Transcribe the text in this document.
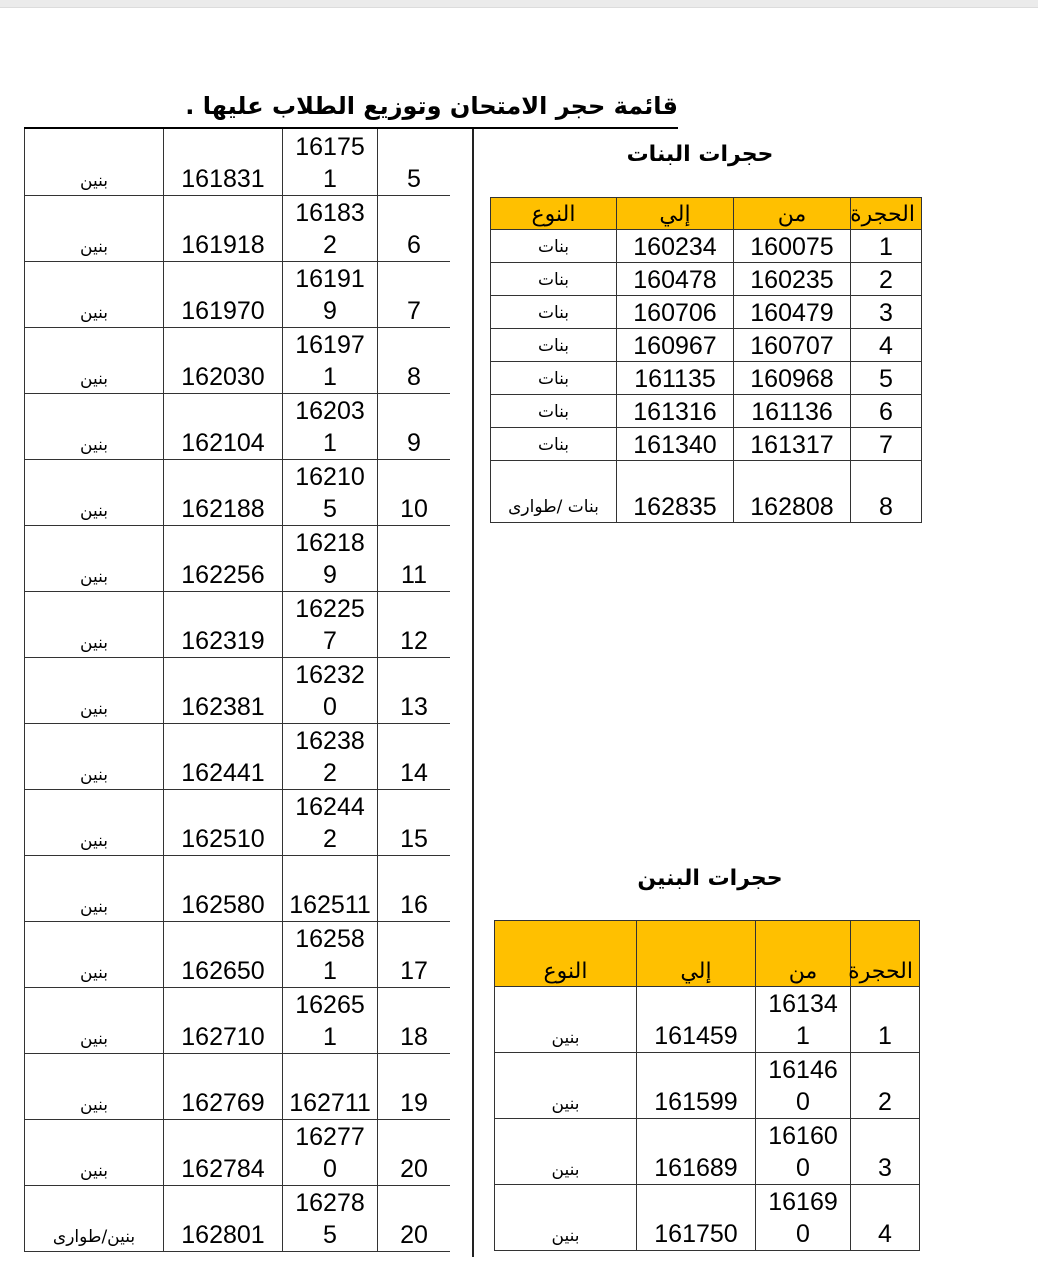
قائمة حجر الامتحان وتوزيع الطلاب عليها .
5	161751	161831	بنين
6	161832	161918	بنين
7	161919	161970	بنين
8	161971	162030	بنين
9	162031	162104	بنين
10	162105	162188	بنين
11	162189	162256	بنين
12	162257	162319	بنين
13	162320	162381	بنين
14	162382	162441	بنين
15	162442	162510	بنين
16	162511	162580	بنين
17	162581	162650	بنين
18	162651	162710	بنين
19	162711	162769	بنين
20	162770	162784	بنين
20	162785	162801	بنين/طوارى
حجرات البنات
الحجرة	من	إلي	النوع
1	160075	160234	بنات
2	160235	160478	بنات
3	160479	160706	بنات
4	160707	160967	بنات
5	160968	161135	بنات
6	161136	161316	بنات
7	161317	161340	بنات
8	162808	162835	بنات /طوارى
حجرات البنين
الحجرة	من	إلي	النوع
1	161341	161459	بنين
2	161460	161599	بنين
3	161600	161689	بنين
4	161690	161750	بنين
